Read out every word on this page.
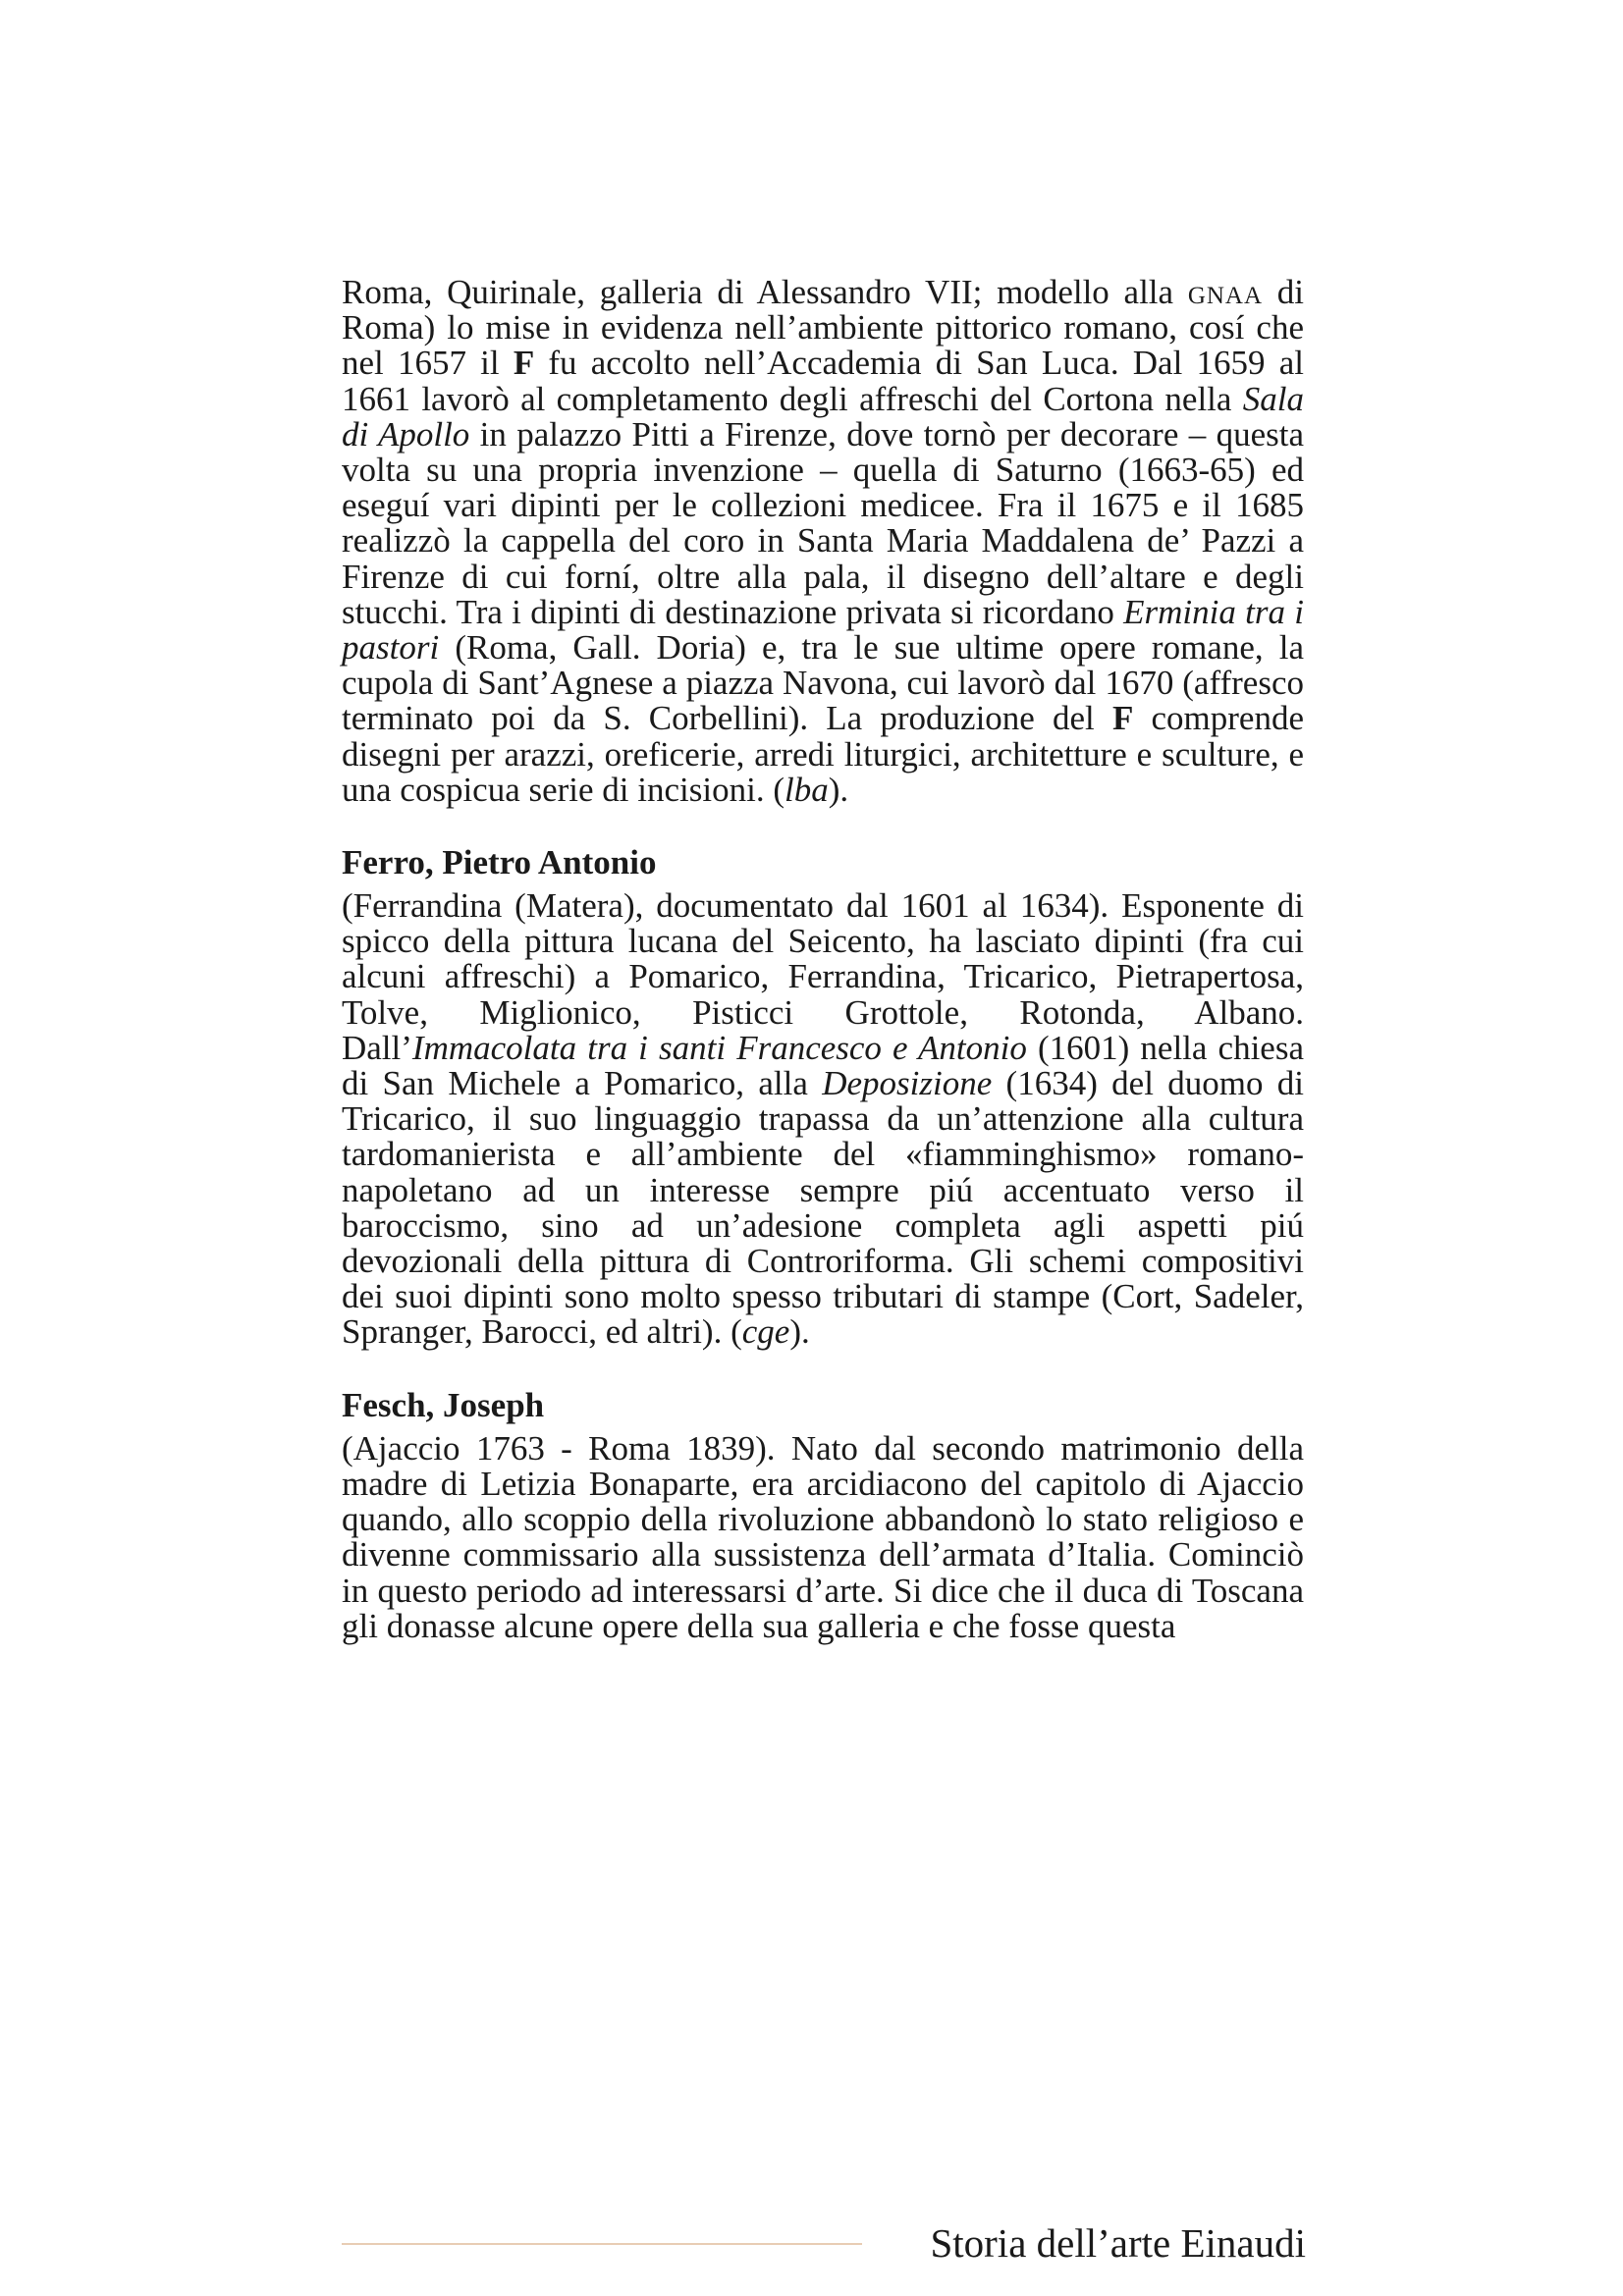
Roma, Quirinale, galleria di Alessandro VII; modello alla gnaa di Roma) lo mise in evidenza nell’ambiente pittorico romano, cosí che nel 1657 il F fu accolto nell’Accademia di San Luca. Dal 1659 al 1661 lavorò al completamento degli affreschi del Cortona nella Sala di Apollo in palazzo Pitti a Firenze, dove tornò per decorare – questa volta su una propria invenzione – quella di Saturno (1663-65) ed eseguí vari dipinti per le collezioni medicee. Fra il 1675 e il 1685 realizzò la cappella del coro in Santa Maria Maddalena de’ Pazzi a Firenze di cui forní, oltre alla pala, il disegno dell’altare e degli stucchi. Tra i dipinti di destinazione privata si ricordano Erminia tra i pastori (Roma, Gall. Doria) e, tra le sue ultime opere romane, la cupola di Sant’Agnese a piazza Navona, cui lavorò dal 1670 (affresco terminato poi da S. Corbellini). La produzione del F comprende disegni per arazzi, oreficerie, arredi liturgici, architetture e sculture, e una cospicua serie di incisioni. (lba).

Ferro, Pietro Antonio

(Ferrandina (Matera), documentato dal 1601 al 1634). Esponente di spicco della pittura lucana del Seicento, ha lasciato dipinti (fra cui alcuni affreschi) a Pomarico, Ferrandina, Tricarico, Pietrapertosa, Tolve, Miglionico, Pisticci Grottole, Rotonda, Albano. Dall’Immacolata tra i santi Francesco e Antonio (1601) nella chiesa di San Michele a Pomarico, alla Deposizione (1634) del duomo di Tricarico, il suo linguaggio trapassa da un’attenzione alla cultura tardomanierista e all’ambiente del «fiamminghismo» romano-napoletano ad un interesse sempre piú accentuato verso il baroccismo, sino ad un’adesione completa agli aspetti piú devozionali della pittura di Controriforma. Gli schemi compositivi dei suoi dipinti sono molto spesso tributari di stampe (Cort, Sadeler, Spranger, Barocci, ed altri). (cge).

Fesch, Joseph

(Ajaccio 1763 - Roma 1839). Nato dal secondo matrimonio della madre di Letizia Bonaparte, era arcidiacono del capitolo di Ajaccio quando, allo scoppio della rivoluzione abbandonò lo stato religioso e divenne commissario alla sussistenza dell’armata d’Italia. Cominciò in questo periodo ad interessarsi d’arte. Si dice che il duca di Toscana gli donasse alcune opere della sua galleria e che fosse questa

Storia dell’arte Einaudi
